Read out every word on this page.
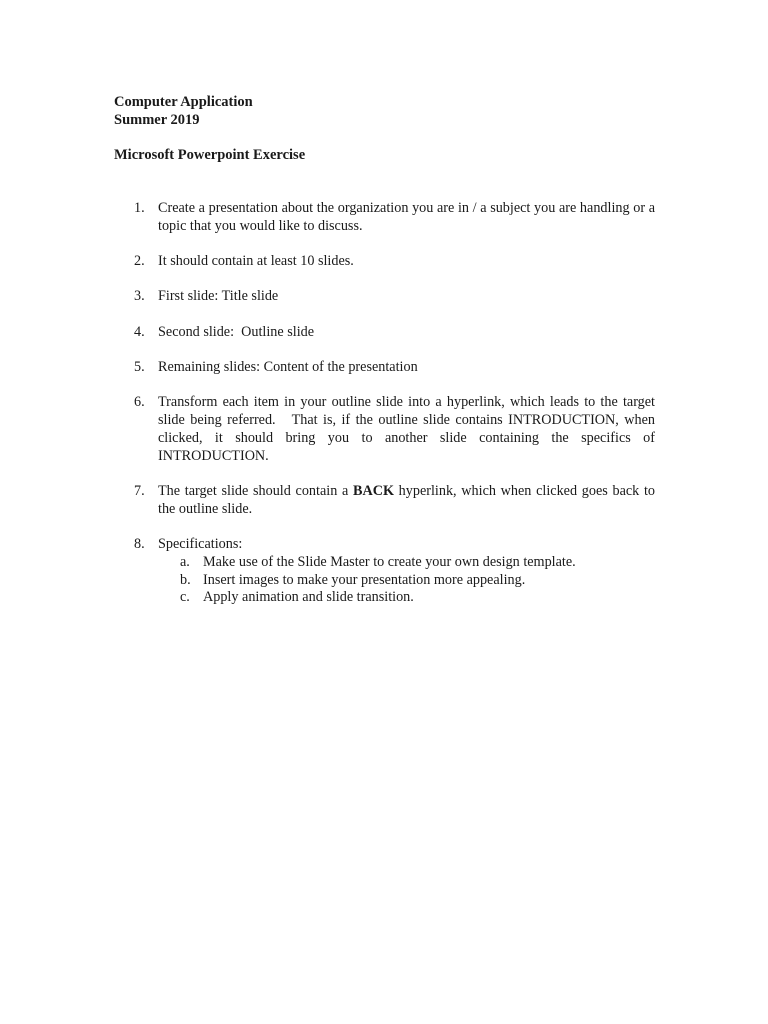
Computer Application
Summer 2019
Microsoft Powerpoint Exercise
1. Create a presentation about the organization you are in / a subject you are handling or a topic that you would like to discuss.
2. It should contain at least 10 slides.
3. First slide: Title slide
4. Second slide:  Outline slide
5. Remaining slides: Content of the presentation
6. Transform each item in your outline slide into a hyperlink, which leads to the target slide being referred.   That is, if the outline slide contains INTRODUCTION, when clicked, it should bring you to another slide containing the specifics of INTRODUCTION.
7. The target slide should contain a BACK hyperlink, which when clicked goes back to the outline slide.
8. Specifications:
a. Make use of the Slide Master to create your own design template.
b. Insert images to make your presentation more appealing.
c. Apply animation and slide transition.
